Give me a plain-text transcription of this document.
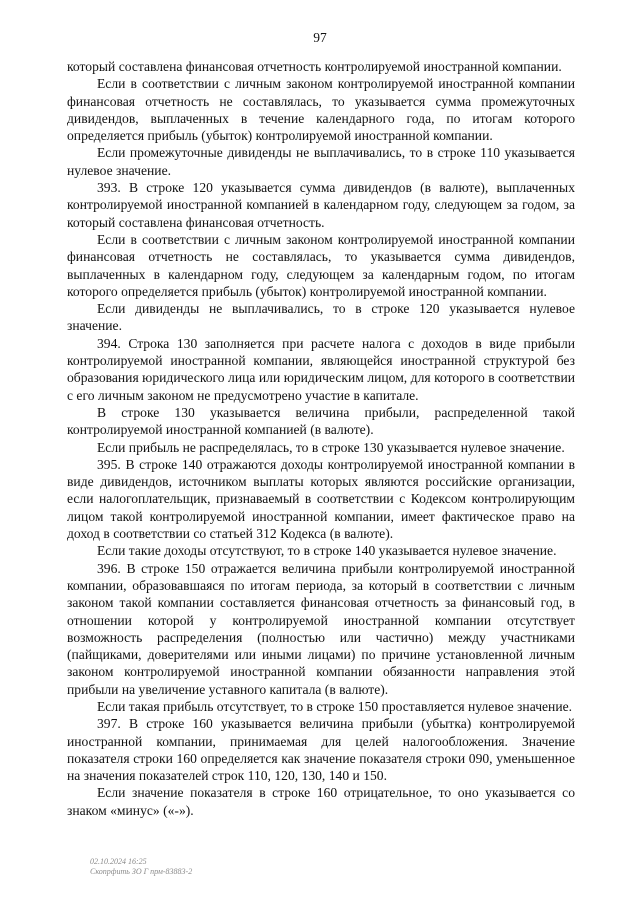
97

который составлена финансовая отчетность контролируемой иностранной компании.

Если в соответствии с личным законом контролируемой иностранной компании финансовая отчетность не составлялась, то указывается сумма промежуточных дивидендов, выплаченных в течение календарного года, по итогам которого определяется прибыль (убыток) контролируемой иностранной компании.

Если промежуточные дивиденды не выплачивались, то в строке 110 указывается нулевое значение.

393. В строке 120 указывается сумма дивидендов (в валюте), выплаченных контролируемой иностранной компанией в календарном году, следующем за годом, за который составлена финансовая отчетность.

Если в соответствии с личным законом контролируемой иностранной компании финансовая отчетность не составлялась, то указывается сумма дивидендов, выплаченных в календарном году, следующем за календарным годом, по итогам которого определяется прибыль (убыток) контролируемой иностранной компании.

Если дивиденды не выплачивались, то в строке 120 указывается нулевое значение.

394. Строка 130 заполняется при расчете налога с доходов в виде прибыли контролируемой иностранной компании, являющейся иностранной структурой без образования юридического лица или юридическим лицом, для которого в соответствии с его личным законом не предусмотрено участие в капитале.

В строке 130 указывается величина прибыли, распределенной такой контролируемой иностранной компанией (в валюте).

Если прибыль не распределялась, то в строке 130 указывается нулевое значение.

395. В строке 140 отражаются доходы контролируемой иностранной компании в виде дивидендов, источником выплаты которых являются российские организации, если налогоплательщик, признаваемый в соответствии с Кодексом контролирующим лицом такой контролируемой иностранной компании, имеет фактическое право на доход в соответствии со статьей 312 Кодекса (в валюте).

Если такие доходы отсутствуют, то в строке 140 указывается нулевое значение.

396. В строке 150 отражается величина прибыли контролируемой иностранной компании, образовавшаяся по итогам периода, за который в соответствии с личным законом такой компании составляется финансовая отчетность за финансовый год, в отношении которой у контролируемой иностранной компании отсутствует возможность распределения (полностью или частично) между участниками (пайщиками, доверителями или иными лицами) по причине установленной личным законом контролируемой иностранной компании обязанности направления этой прибыли на увеличение уставного капитала (в валюте).

Если такая прибыль отсутствует, то в строке 150 проставляется нулевое значение.

397. В строке 160 указывается величина прибыли (убытка) контролируемой иностранной компании, принимаемая для целей налогообложения. Значение показателя строки 160 определяется как значение показателя строки 090, уменьшенное на значения показателей строк 110, 120, 130, 140 и 150.

Если значение показателя в строке 160 отрицательное, то оно указывается со знаком «минус» («-»).

02.10.2024 16:25
Скопрфить ЗО Г прм-83883-2
